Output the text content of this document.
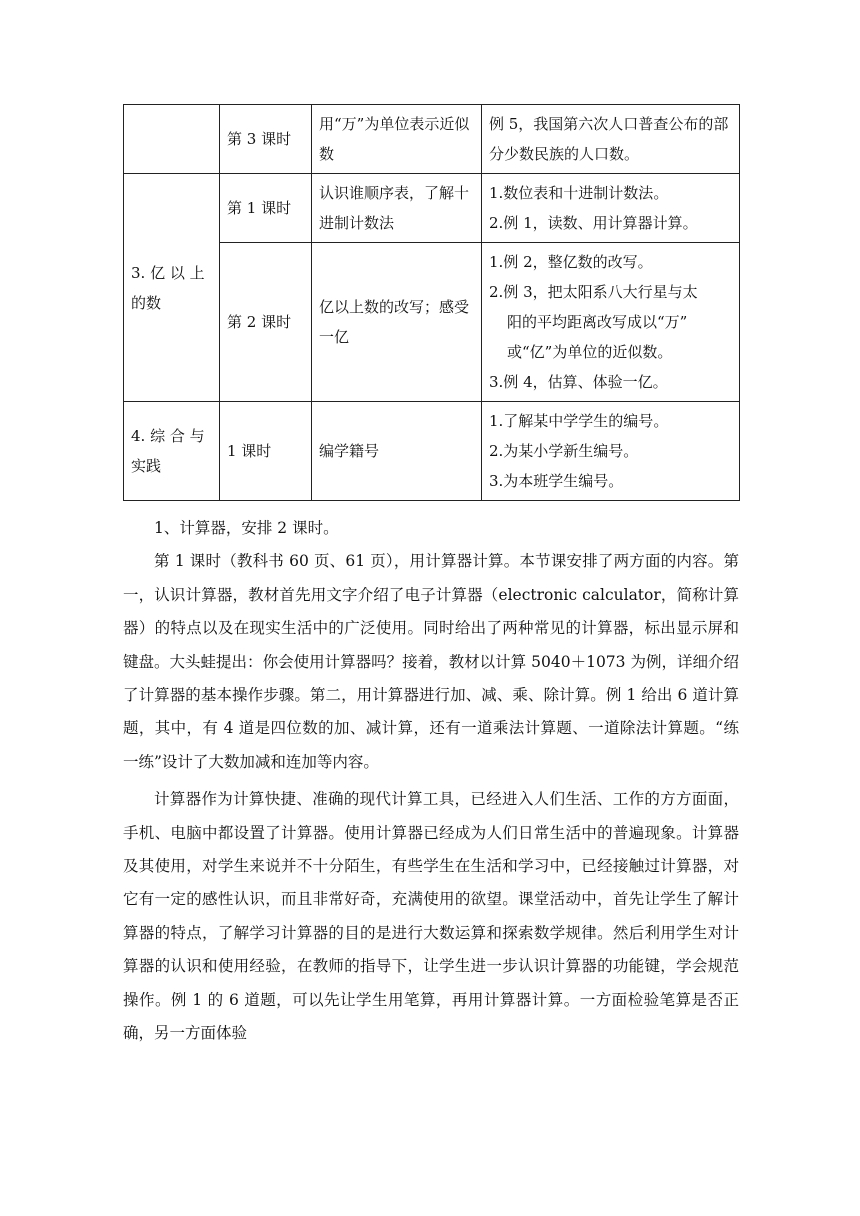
	第 3 课时	用“万”为单位表示近似数	例 5，我国第六次人口普查公布的部分少数民族的人口数。

3. 亿 以 上的数	第 1 课时	认识谁顺序表，了解十进制计数法	1.数位表和十进制计数法。
2.例 1，读数、用计算器计算。

	第 2 课时	亿以上数的改写；感受一亿	1.例 2，整亿数的改写。
2.例 3，把太阳系八大行星与太
阳的平均距离改写成以“万”
或“亿”为单位的近似数。
3.例 4，估算、体验一亿。

4. 综 合 与实践	1 课时	编学籍号	1.了解某中学学生的编号。
2.为某小学新生编号。
3.为本班学生编号。

1、计算器，安排 2 课时。

第 1 课时（教科书 60 页、61 页），用计算器计算。本节课安排了两方面的内容。第一，认识计算器，教材首先用文字介绍了电子计算器（electronic calculator，简称计算器）的特点以及在现实生活中的广泛使用。同时给出了两种常见的计算器，标出显示屏和键盘。大头蛙提出：你会使用计算器吗？接着，教材以计算 5040＋1073 为例，详细介绍了计算器的基本操作步骤。第二，用计算器进行加、减、乘、除计算。例 1 给出 6 道计算题，其中，有 4 道是四位数的加、减计算，还有一道乘法计算题、一道除法计算题。“练一练”设计了大数加减和连加等内容。

计算器作为计算快捷、准确的现代计算工具，已经进入人们生活、工作的方方面面，手机、电脑中都设置了计算器。使用计算器已经成为人们日常生活中的普遍现象。计算器及其使用，对学生来说并不十分陌生，有些学生在生活和学习中，已经接触过计算器，对它有一定的感性认识，而且非常好奇，充满使用的欲望。课堂活动中，首先让学生了解计算器的特点，了解学习计算器的目的是进行大数运算和探索数学规律。然后利用学生对计算器的认识和使用经验，在教师的指导下，让学生进一步认识计算器的功能键，学会规范操作。例 1 的 6 道题，可以先让学生用笔算，再用计算器计算。一方面检验笔算是否正确，另一方面体验
